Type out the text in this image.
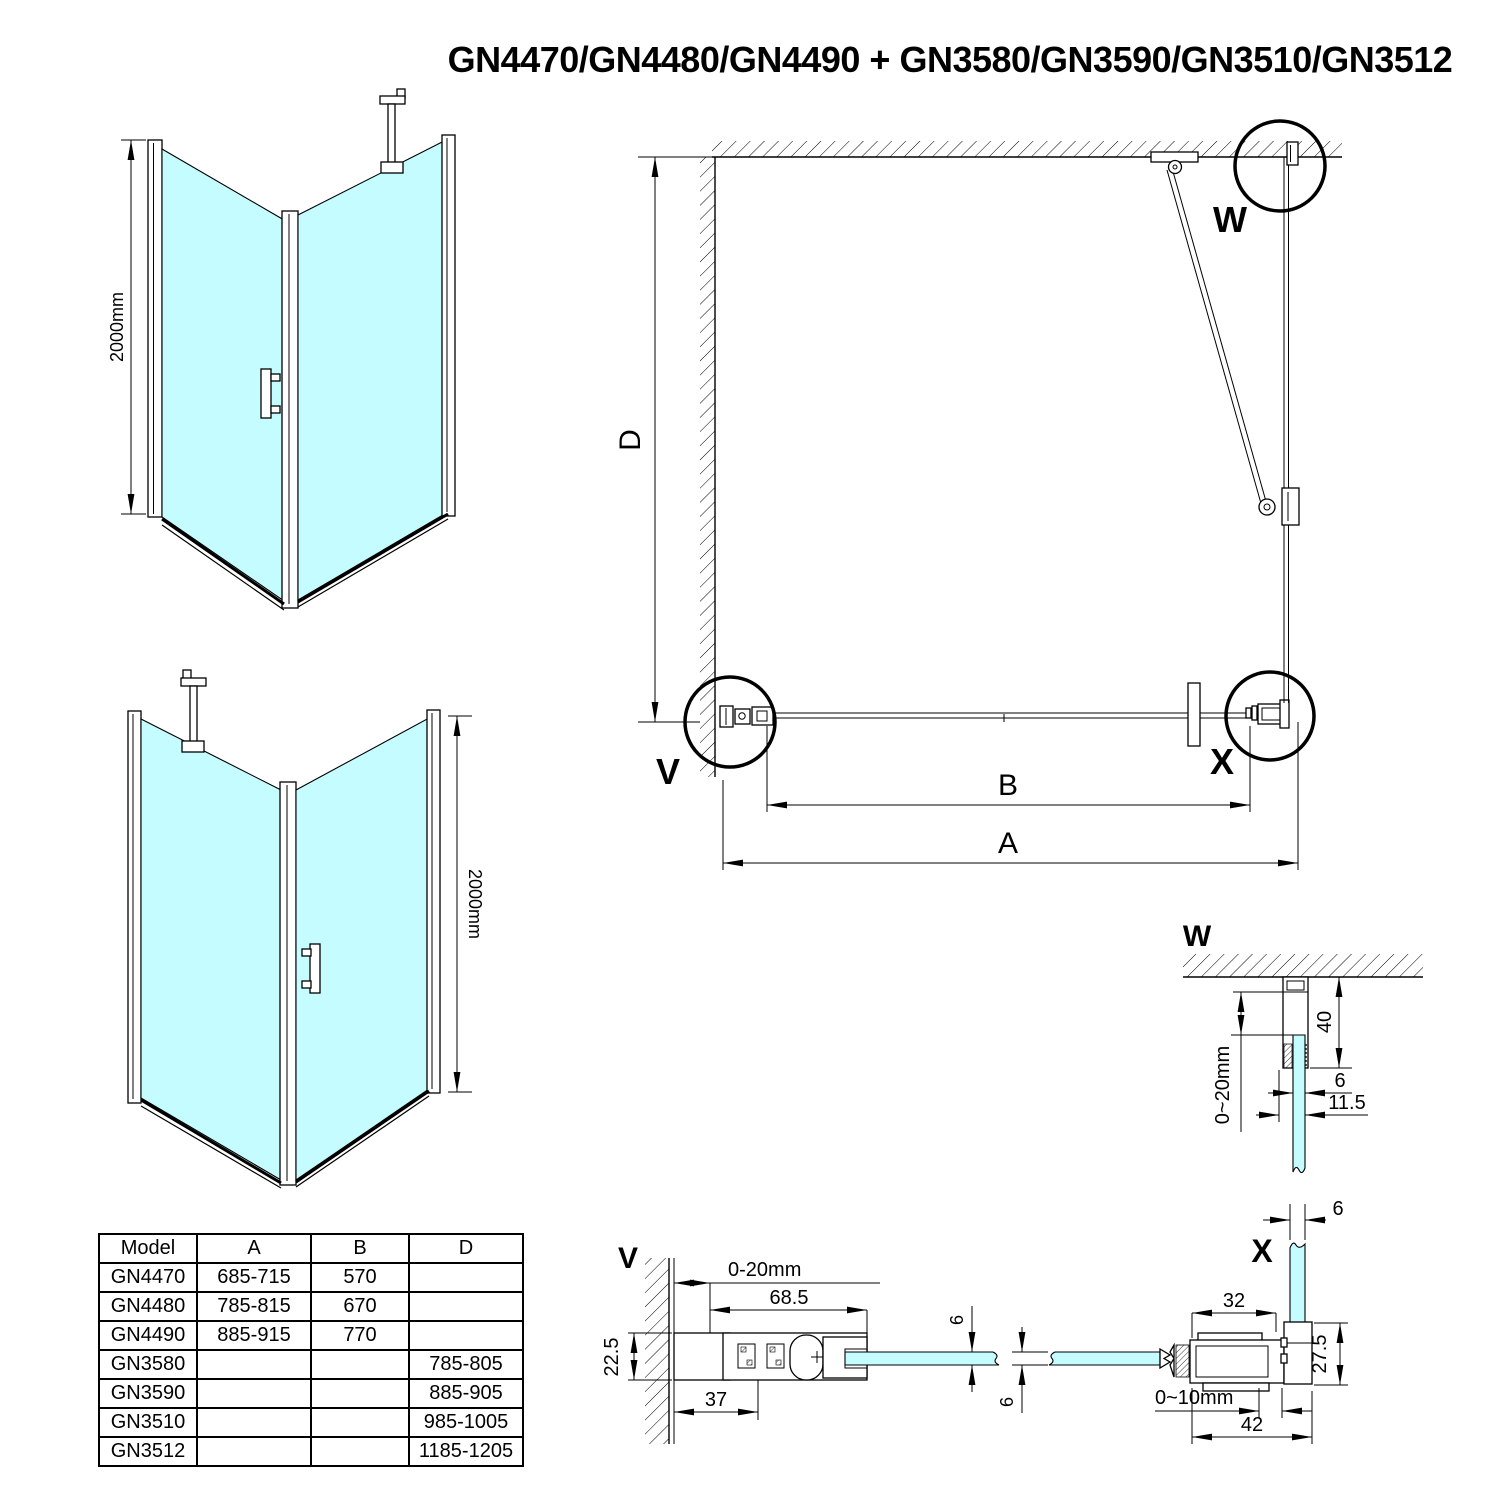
GN4470/GN4480/GN4490 + GN3580/GN3590/GN3510/GN3512
2000mm
2000mm
D
V
W
X
B
A
W
40
0~20mm	6
11.5
V	0-20mm
68.5
22.5
37
6
6
X
6
32
27.5
0~10mm
42
Model	A	B	D
GN4470	685-715	570	
GN4480	785-815	670	
GN4490	885-915	770	
GN3580			785-805
GN3590			885-905
GN3510			985-1005
GN3512			1185-1205
